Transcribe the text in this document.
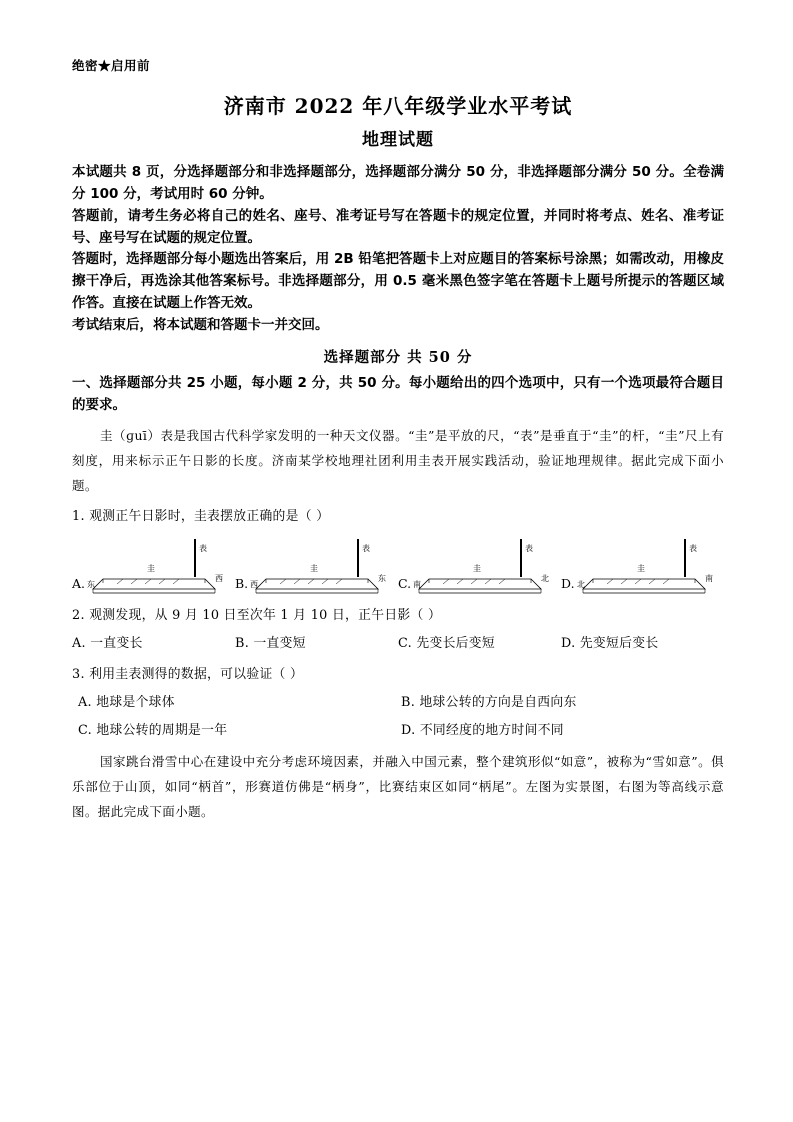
绝密★启用前
济南市 2022 年八年级学业水平考试
地理试题

本试题共 8 页，分选择题部分和非选择题部分，选择题部分满分 50 分，非选择题部分满分 50 分。全卷满分 100 分，考试用时 60 分钟。

答题前，请考生务必将自己的姓名、座号、准考证号写在答题卡的规定位置，并同时将考点、姓名、准考证号、座号写在试题的规定位置。

答题时，选择题部分每小题选出答案后，用 2B 铅笔把答题卡上对应题目的答案标号涂黑；如需改动，用橡皮擦干净后，再选涂其他答案标号。非选择题部分，用 0.5 毫米黑色签字笔在答题卡上题号所提示的答题区域作答。直接在试题上作答无效。

考试结束后，将本试题和答题卡一并交回。

选择题部分 共 50 分
一、选择题部分共 25 小题，每小题 2 分，共 50 分。每小题给出的四个选项中，只有一个选项最符合题目的要求。
圭（ɡuī）表是我国古代科学家发明的一种天文仪器。“圭”是平放的尺，“表”是垂直于“圭”的杆，“圭”尺上有刻度，用来标示正午日影的长度。济南某学校地理社团利用圭表开展实践活动，验证地理规律。据此完成下面小题。
1. 观测正午日影时，圭表摆放正确的是（ ）
A.
表
圭
东
西 B.
表
圭
西
东 C.
表
圭
南
北 D.
表
圭
北
南
2. 观测发现，从 9 月 10 日至次年 1 月 10 日，正午日影（ ）
A. 一直变长	B. 一直变短	C. 先变长后变短	D. 先变短后变长
3. 利用圭表测得的数据，可以验证（ ）
A. 地球是个球体	B. 地球公转的方向是自西向东
C. 地球公转的周期是一年	D. 不同经度的地方时间不同
国家跳台滑雪中心在建设中充分考虑环境因素，并融入中国元素，整个建筑形似“如意”，被称为“雪如意”。俱乐部位于山顶，如同“柄首”，形赛道仿佛是“柄身”，比赛结束区如同“柄尾”。左图为实景图，右图为等高线示意图。据此完成下面小题。
